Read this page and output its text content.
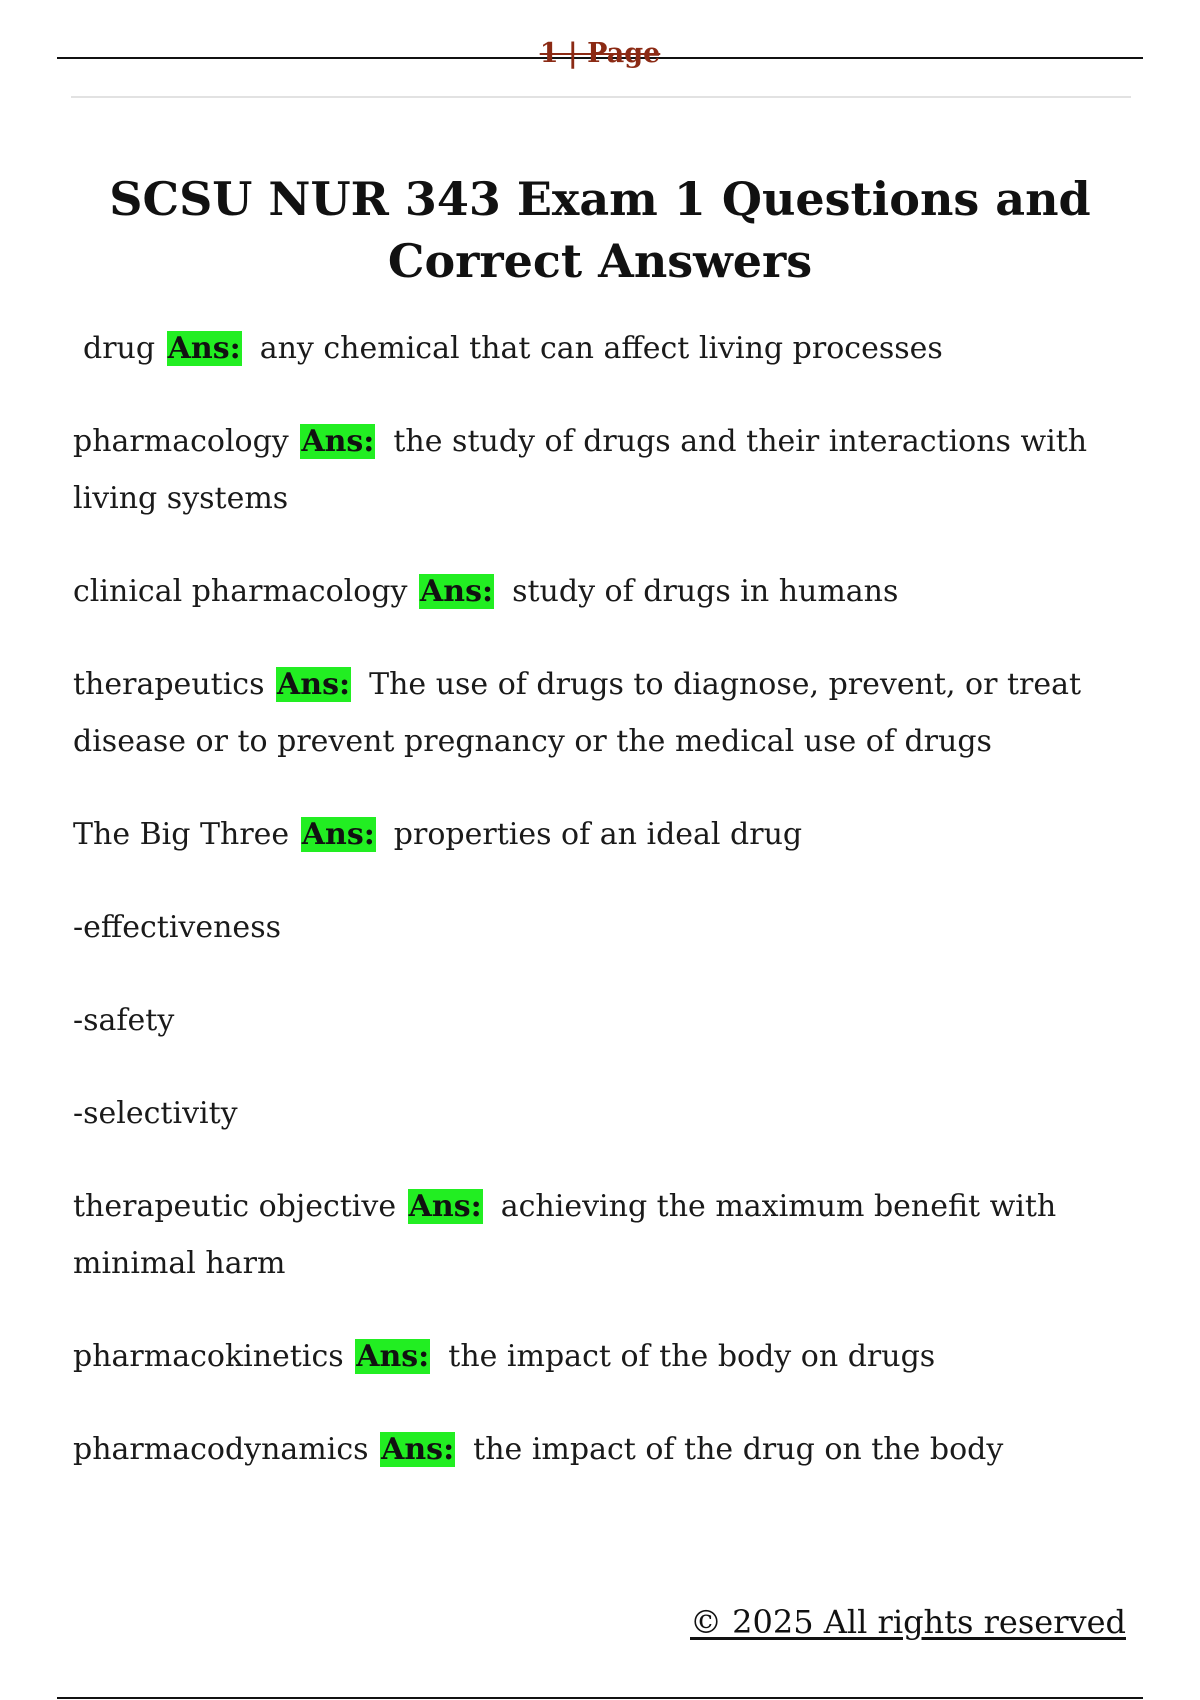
1 | Page
SCSU NUR 343 Exam 1 Questions and Correct Answers

drug Ans: any chemical that can affect living processes

pharmacology Ans: the study of drugs and their interactions with living systems

clinical pharmacology Ans: study of drugs in humans

therapeutics Ans: The use of drugs to diagnose, prevent, or treat disease or to prevent pregnancy or the medical use of drugs

The Big Three Ans: properties of an ideal drug

-effectiveness

-safety

-selectivity

therapeutic objective Ans: achieving the maximum benefit with minimal harm

pharmacokinetics Ans: the impact of the body on drugs

pharmacodynamics Ans: the impact of the drug on the body

© 2025 All rights reserved
